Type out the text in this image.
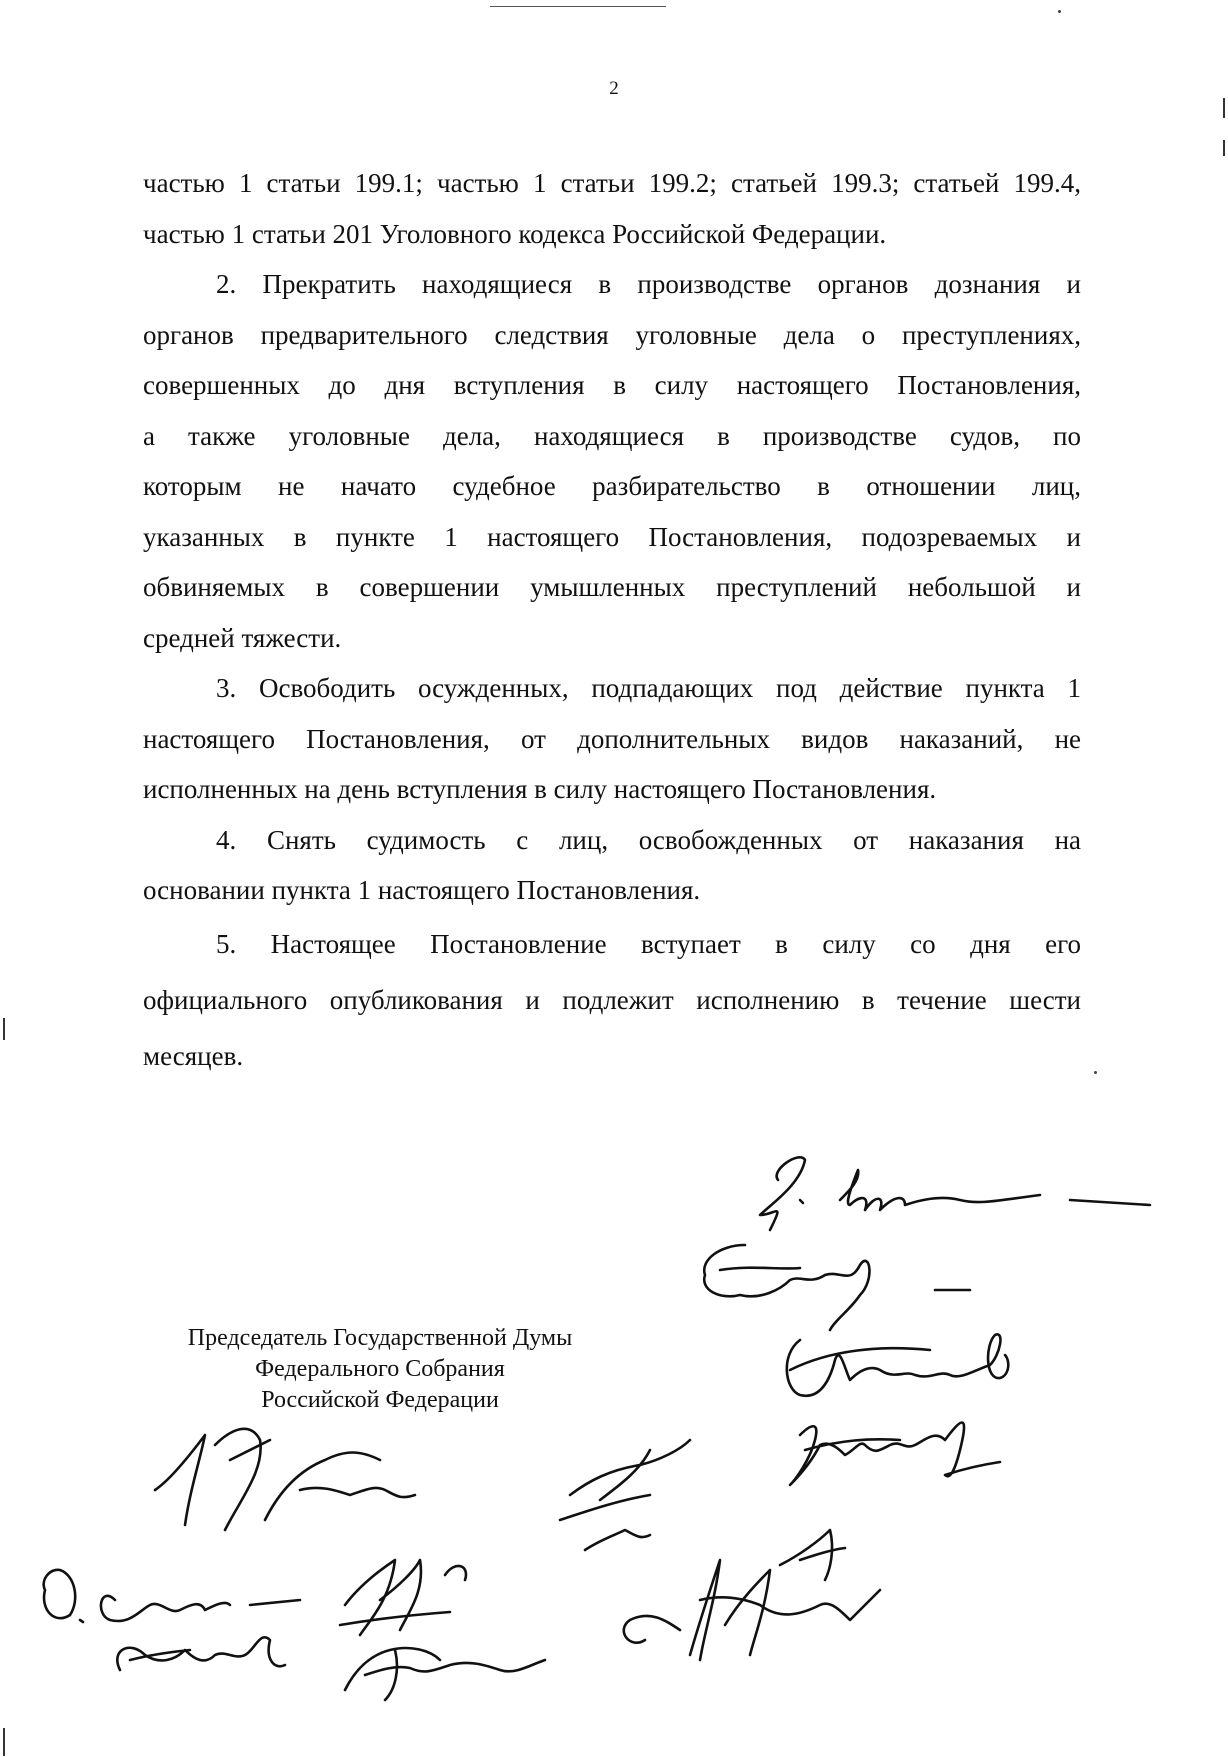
2

частью 1 статьи 199.1; частью 1 статьи 199.2; статьей 199.3; статьей 199.4,
частью 1 статьи 201 Уголовного кодекса Российской Федерации.

2. Прекратить находящиеся в производстве органов дознания и
органов предварительного следствия уголовные дела о преступлениях,
совершенных до дня вступления в силу настоящего Постановления,
а также уголовные дела, находящиеся в производстве судов, по
которым не начато судебное разбирательство в отношении лиц,
указанных в пункте 1 настоящего Постановления, подозреваемых и
обвиняемых в совершении умышленных преступлений небольшой и
средней тяжести.

3. Освободить осужденных, подпадающих под действие пункта 1
настоящего Постановления, от дополнительных видов наказаний, не
исполненных на день вступления в силу настоящего Постановления.

4. Снять судимость с лиц, освобожденных от наказания на
основании пункта 1 настоящего Постановления.

5. Настоящее Постановление вступает в силу со дня его
официального опубликования и подлежит исполнению в течение шести
месяцев.

Председатель Государственной Думы
Федерального Собрания
Российской Федерации
